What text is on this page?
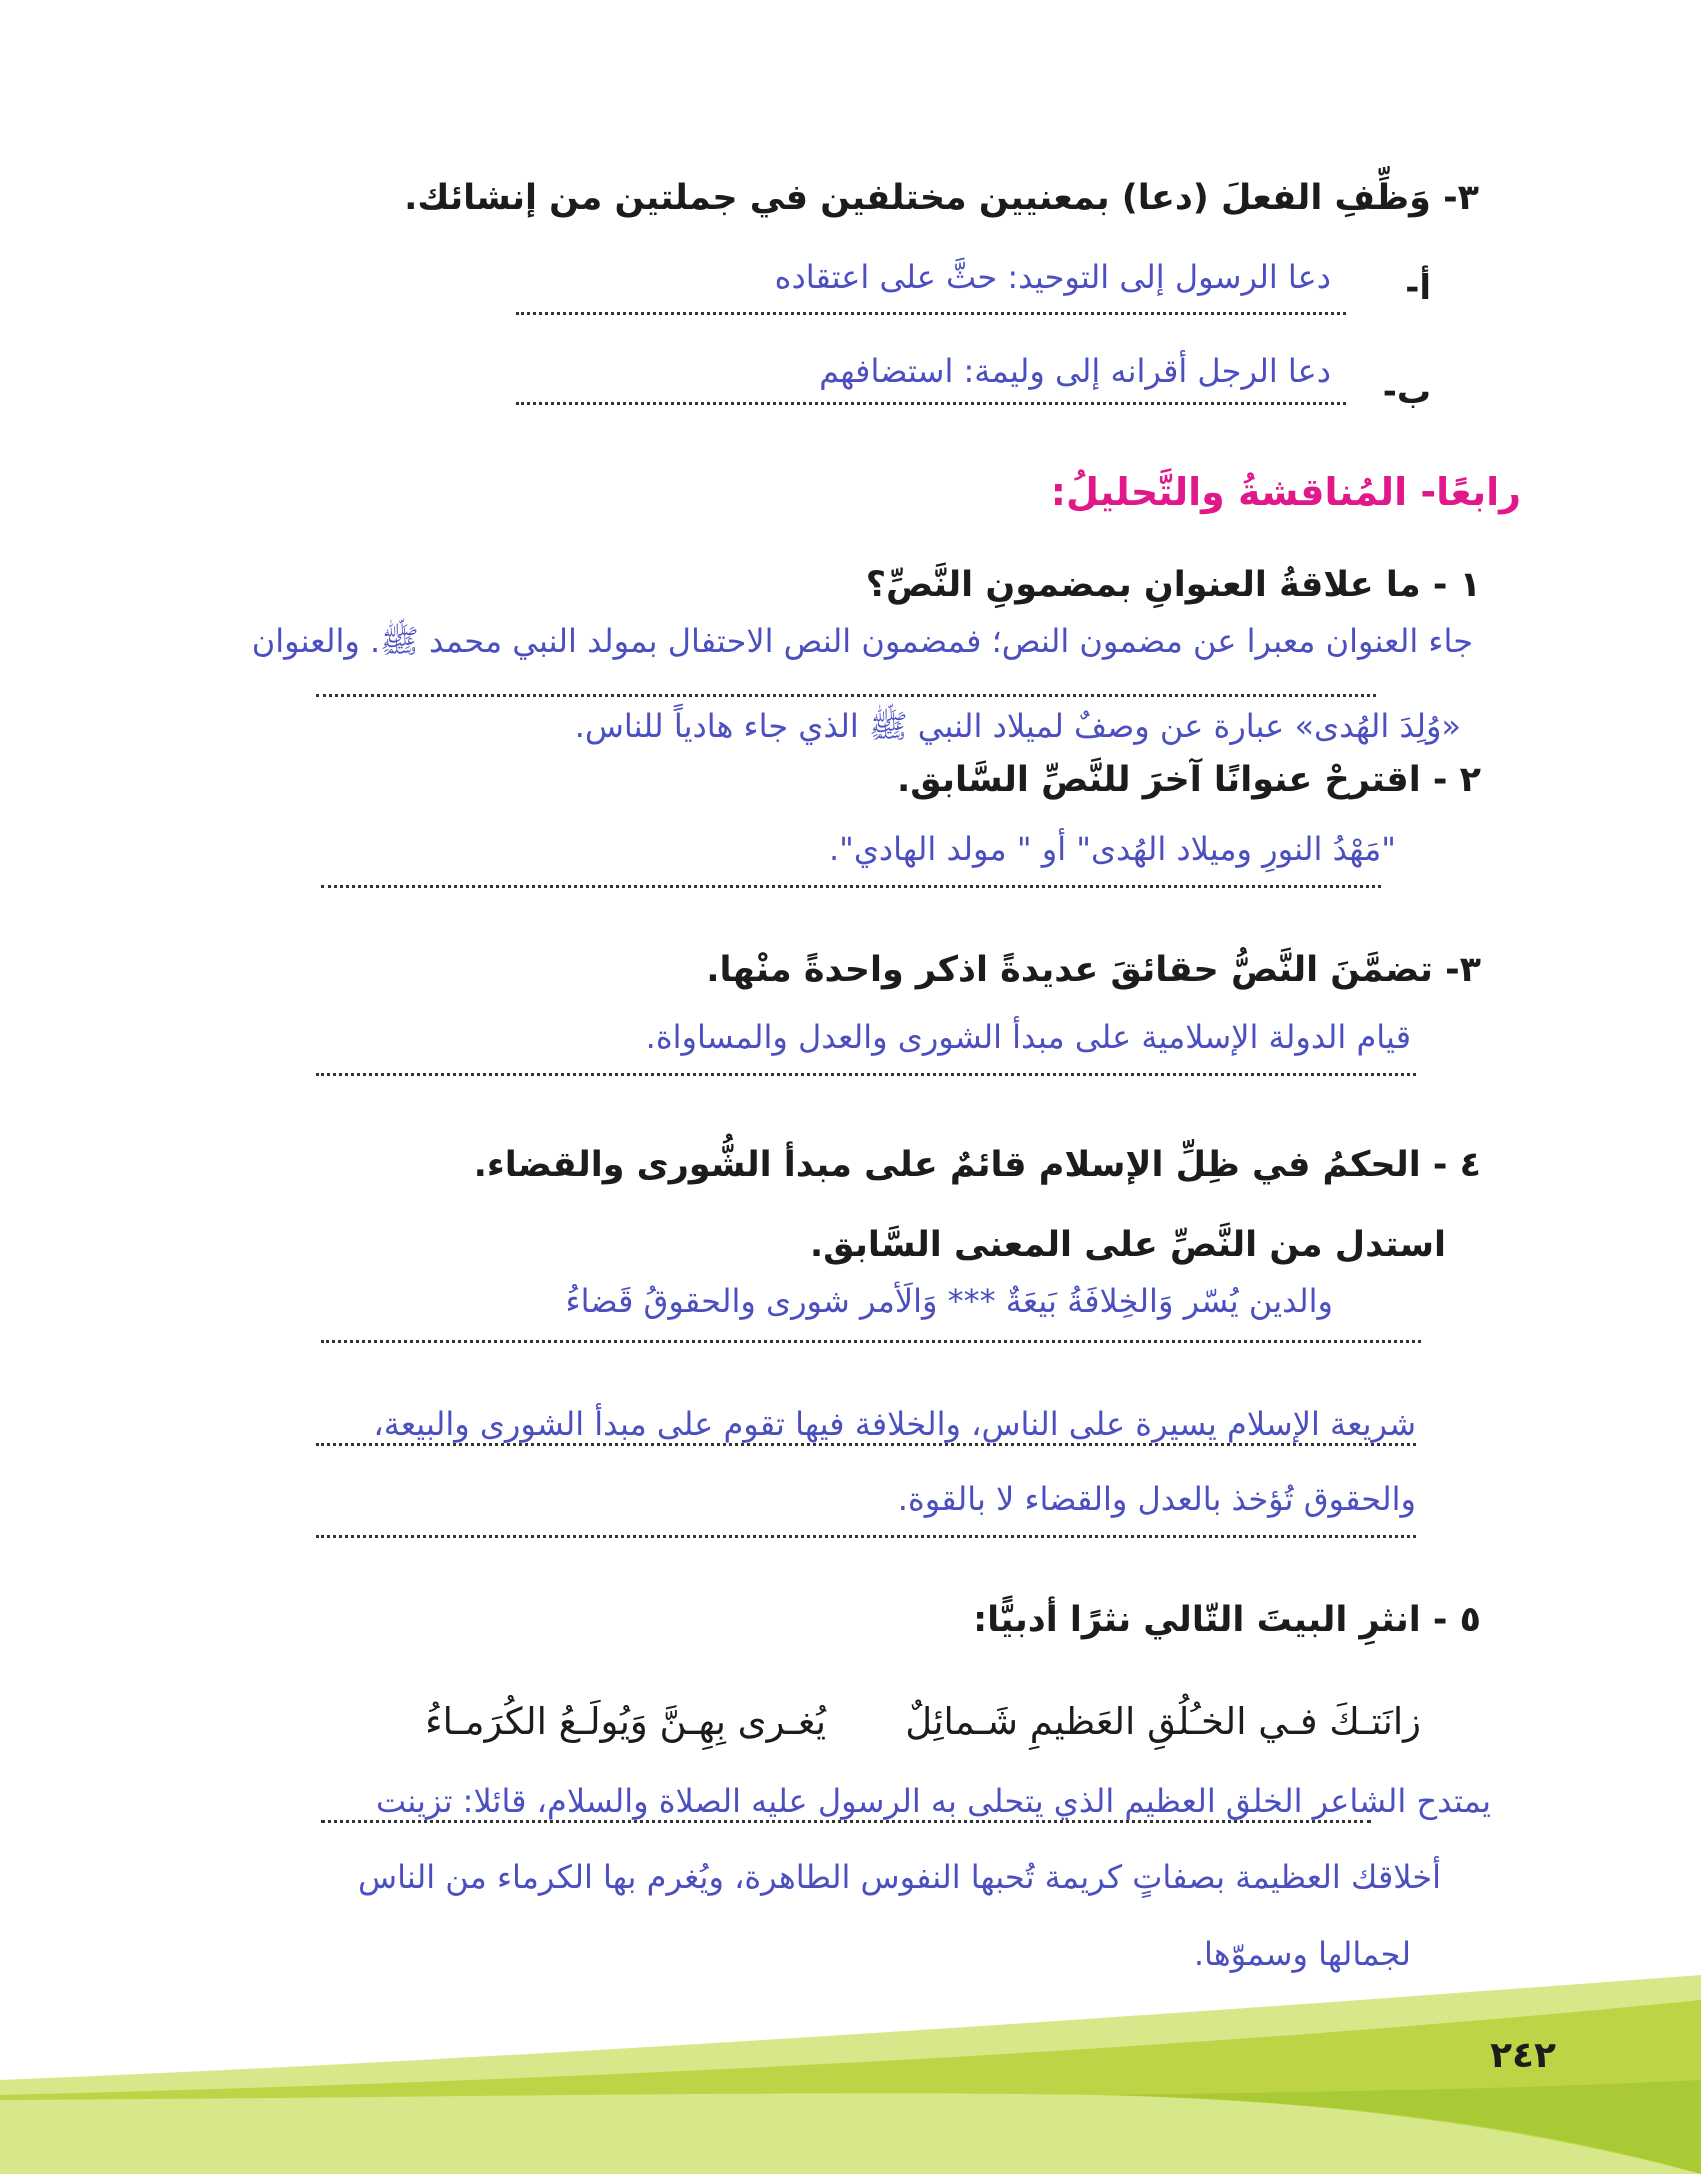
٣- وَظِّفِ الفعلَ (دعا) بمعنيين مختلفين في جملتين من إنشائك.
أ-
دعا الرسول إلى التوحيد: حثَّ على اعتقاده
ب-
دعا الرجل أقرانه إلى وليمة: استضافهم
رابعًا- المُناقشةُ والتَّحليلُ:
١ - ما علاقةُ العنوانِ بمضمونِ النَّصِّ؟
جاء العنوان معبرا عن مضمون النص؛ فمضمون النص الاحتفال بمولد النبي محمد ﷺ. والعنوان
«وُلِدَ الهُدى» عبارة عن وصفٌ لميلاد النبي ﷺ الذي جاء هادياً للناس.
٢ - اقترحْ عنوانًا آخرَ للنَّصِّ السَّابق.
"مَهْدُ النورِ وميلاد الهُدى" أو " مولد الهادي".
٣- تضمَّنَ النَّصُّ حقائقَ عديدةً اذكر واحدةً منْها.
قيام الدولة الإسلامية على مبدأ الشورى والعدل والمساواة.
٤ - الحكمُ في ظِلِّ الإسلام قائمٌ على مبدأ الشُّورى والقضاء.
استدل من النَّصِّ على المعنى السَّابق.
والدين يُسّر وَالخِلافَةُ بَيعَةٌ *** وَالَأمر شورى والحقوقُ قَضاءُ
شريعة الإسلام يسيرة على الناس، والخلافة فيها تقوم على مبدأ الشورى والبيعة،
والحقوق تُؤخذ بالعدل والقضاء لا بالقوة.
٥ - انثرِ البيتَ التّالي نثرًا أدبيًّا:
زانَتـكَ فـي الخـُلُقِ العَظيمِ شَـمائِلٌ
يُغـرى بِهِـنَّ وَيُولَـعُ الكُرَمـاءُ
يمتدح الشاعر الخلق العظيم الذي يتحلى به الرسول عليه الصلاة والسلام، قائلا: تزينت
أخلاقك العظيمة بصفاتٍ كريمة تُحبها النفوس الطاهرة، ويُغرم بها الكرماء من الناس
لجمالها وسموّها.
٢٤٢
